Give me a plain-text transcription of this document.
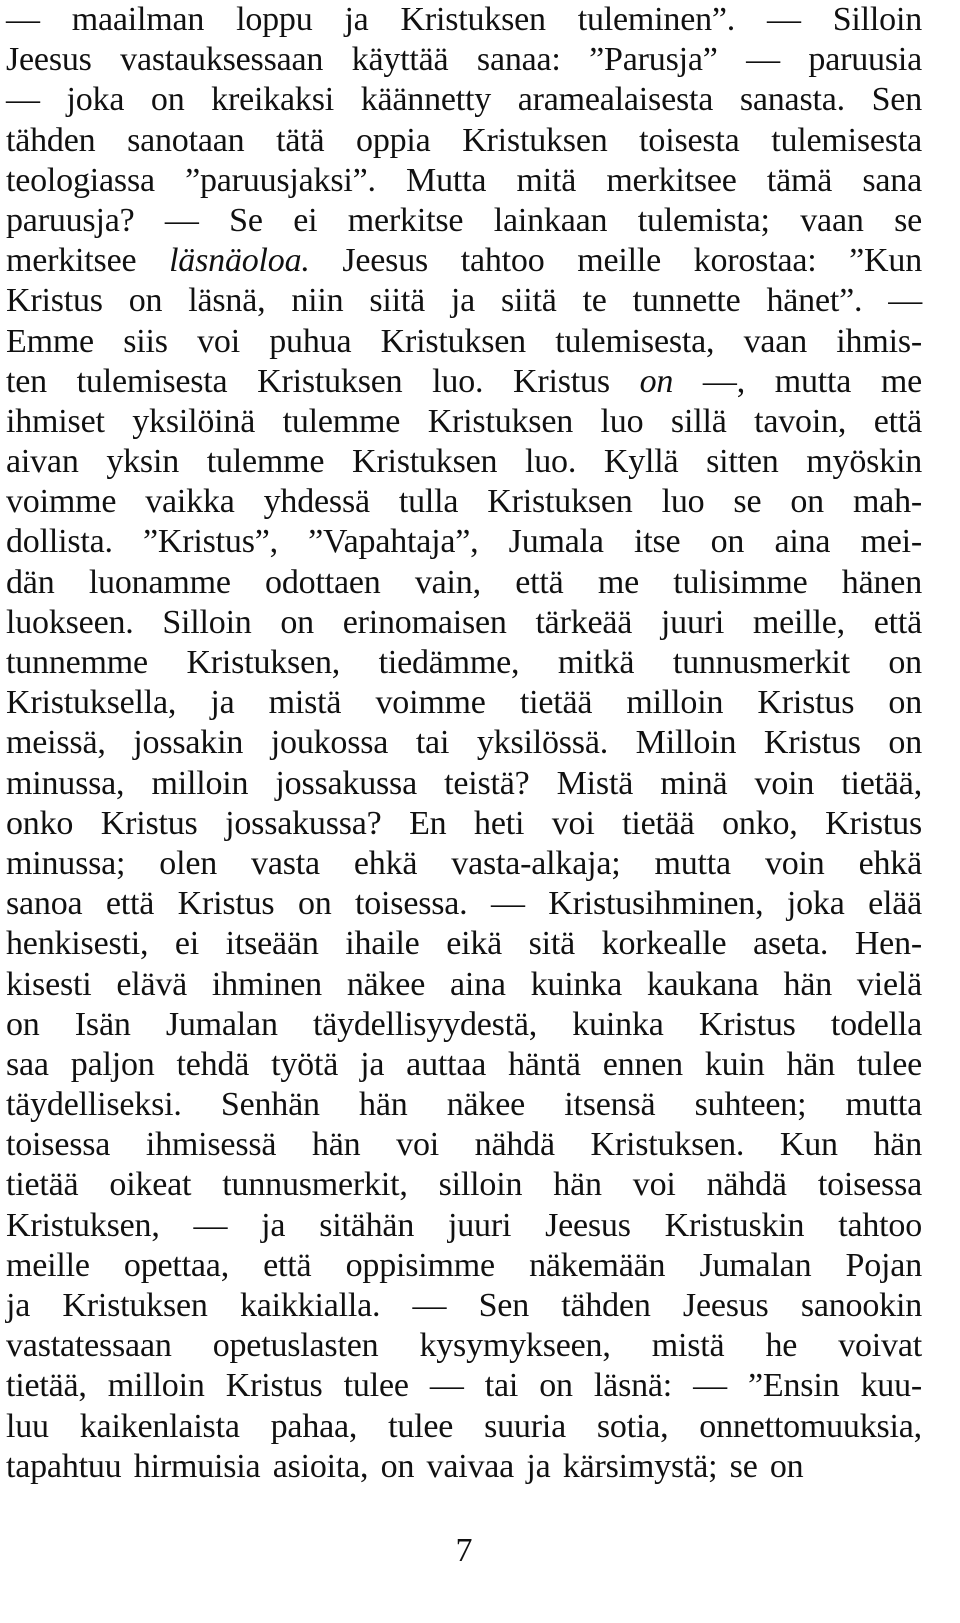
— maailman loppu ja Kristuksen tuleminen”. — Silloin
Jeesus vastauksessaan käyttää sanaa: ”Parusja” — paruusia
— joka on kreikaksi käännetty aramealaisesta sanasta. Sen
tähden sanotaan tätä oppia Kristuksen toisesta tulemisesta
teologiassa ”paruusjaksi”. Mutta mitä merkitsee tämä sana
paruusja? — Se ei merkitse lainkaan tulemista; vaan se
merkitsee läsnäoloa. Jeesus tahtoo meille korostaa: ”Kun
Kristus on läsnä, niin siitä ja siitä te tunnette hänet”. —
Emme siis voi puhua Kristuksen tulemisesta, vaan ihmis-
ten tulemisesta Kristuksen luo. Kristus on —, mutta me
ihmiset yksilöinä tulemme Kristuksen luo sillä tavoin, että
aivan yksin tulemme Kristuksen luo. Kyllä sitten myöskin
voimme vaikka yhdessä tulla Kristuksen luo se on mah-
dollista. ”Kristus”, ”Vapahtaja”, Jumala itse on aina mei-
dän luonamme odottaen vain, että me tulisimme hänen
luokseen. Silloin on erinomaisen tärkeää juuri meille, että
tunnemme Kristuksen, tiedämme, mitkä tunnusmerkit on
Kristuksella, ja mistä voimme tietää milloin Kristus on
meissä, jossakin joukossa tai yksilössä. Milloin Kristus on
minussa, milloin jossakussa teistä? Mistä minä voin tietää,
onko Kristus jossakussa? En heti voi tietää onko, Kristus
minussa; olen vasta ehkä vasta-alkaja; mutta voin ehkä
sanoa että Kristus on toisessa. — Kristusihminen, joka elää
henkisesti, ei itseään ihaile eikä sitä korkealle aseta. Hen-
kisesti elävä ihminen näkee aina kuinka kaukana hän vielä
on Isän Jumalan täydellisyydestä, kuinka Kristus todella
saa paljon tehdä työtä ja auttaa häntä ennen kuin hän tulee
täydelliseksi. Senhän hän näkee itsensä suhteen; mutta
toisessa ihmisessä hän voi nähdä Kristuksen. Kun hän
tietää oikeat tunnusmerkit, silloin hän voi nähdä toisessa
Kristuksen, — ja sitähän juuri Jeesus Kristuskin tahtoo
meille opettaa, että oppisimme näkemään Jumalan Pojan
ja Kristuksen kaikkialla. — Sen tähden Jeesus sanookin
vastatessaan opetuslasten kysymykseen, mistä he voivat
tietää, milloin Kristus tulee — tai on läsnä: — ”Ensin kuu-
luu kaikenlaista pahaa, tulee suuria sotia, onnettomuuksia,
tapahtuu hirmuisia asioita, on vaivaa ja kärsimystä; se on
7
